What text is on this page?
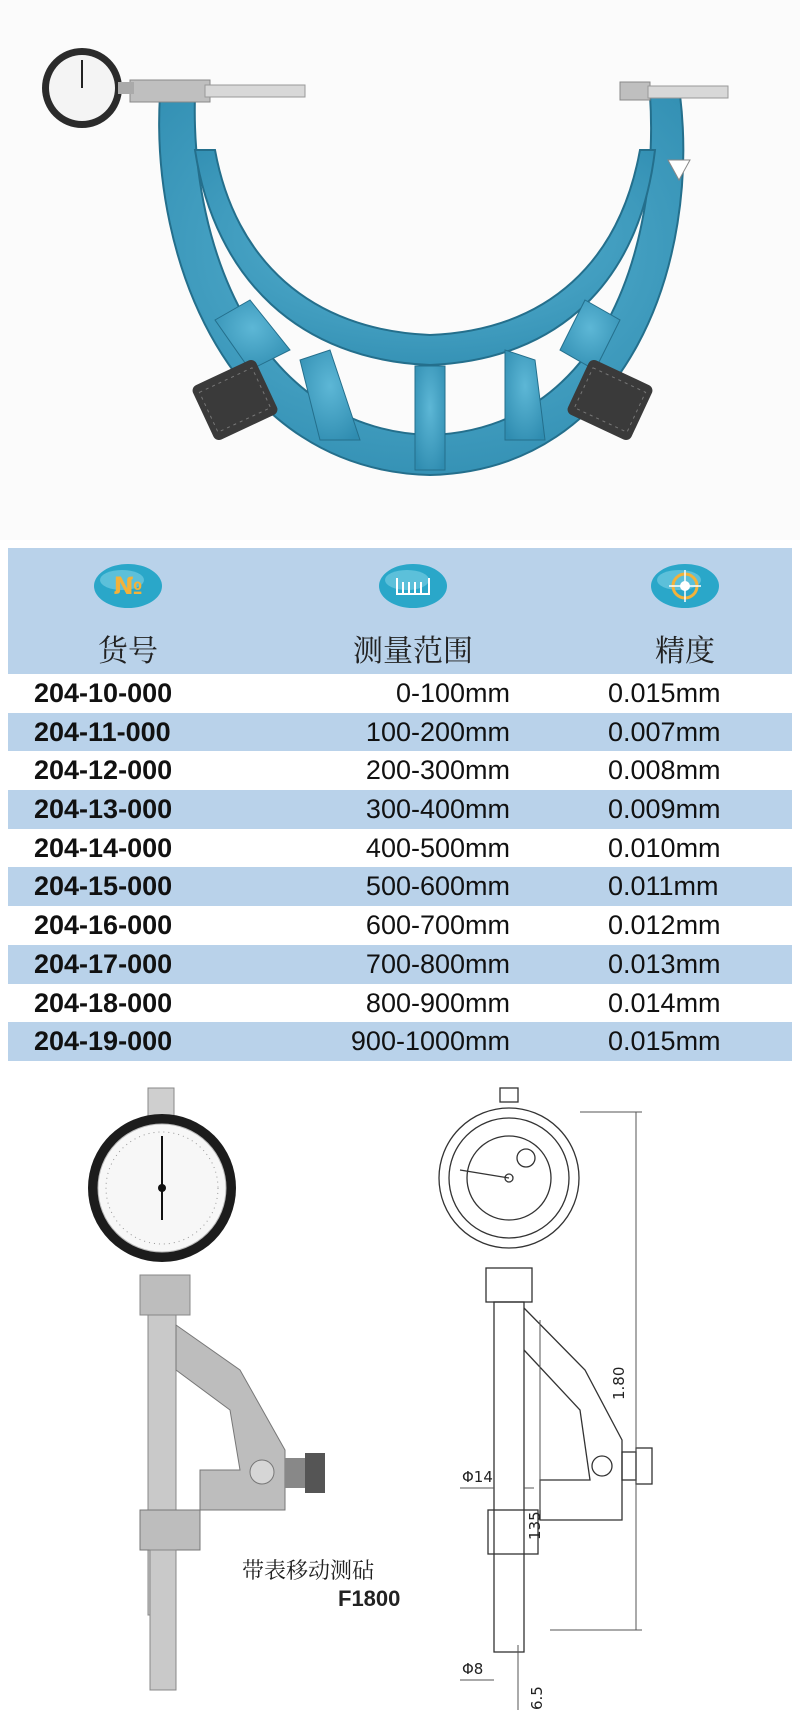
№
货号	测量范围	精度
204-10-000	0-100mm	0.015mm
204-11-000	100-200mm	0.007mm
204-12-000	200-300mm	0.008mm
204-13-000	300-400mm	0.009mm
204-14-000	400-500mm	0.010mm
204-15-000	500-600mm	0.011mm
204-16-000	600-700mm	0.012mm
204-17-000	700-800mm	0.013mm
204-18-000	800-900mm	0.014mm
204-19-000	900-1000mm	0.015mm
带表移动测砧
F1800
1.80
135
Φ14
Φ8
6.5
